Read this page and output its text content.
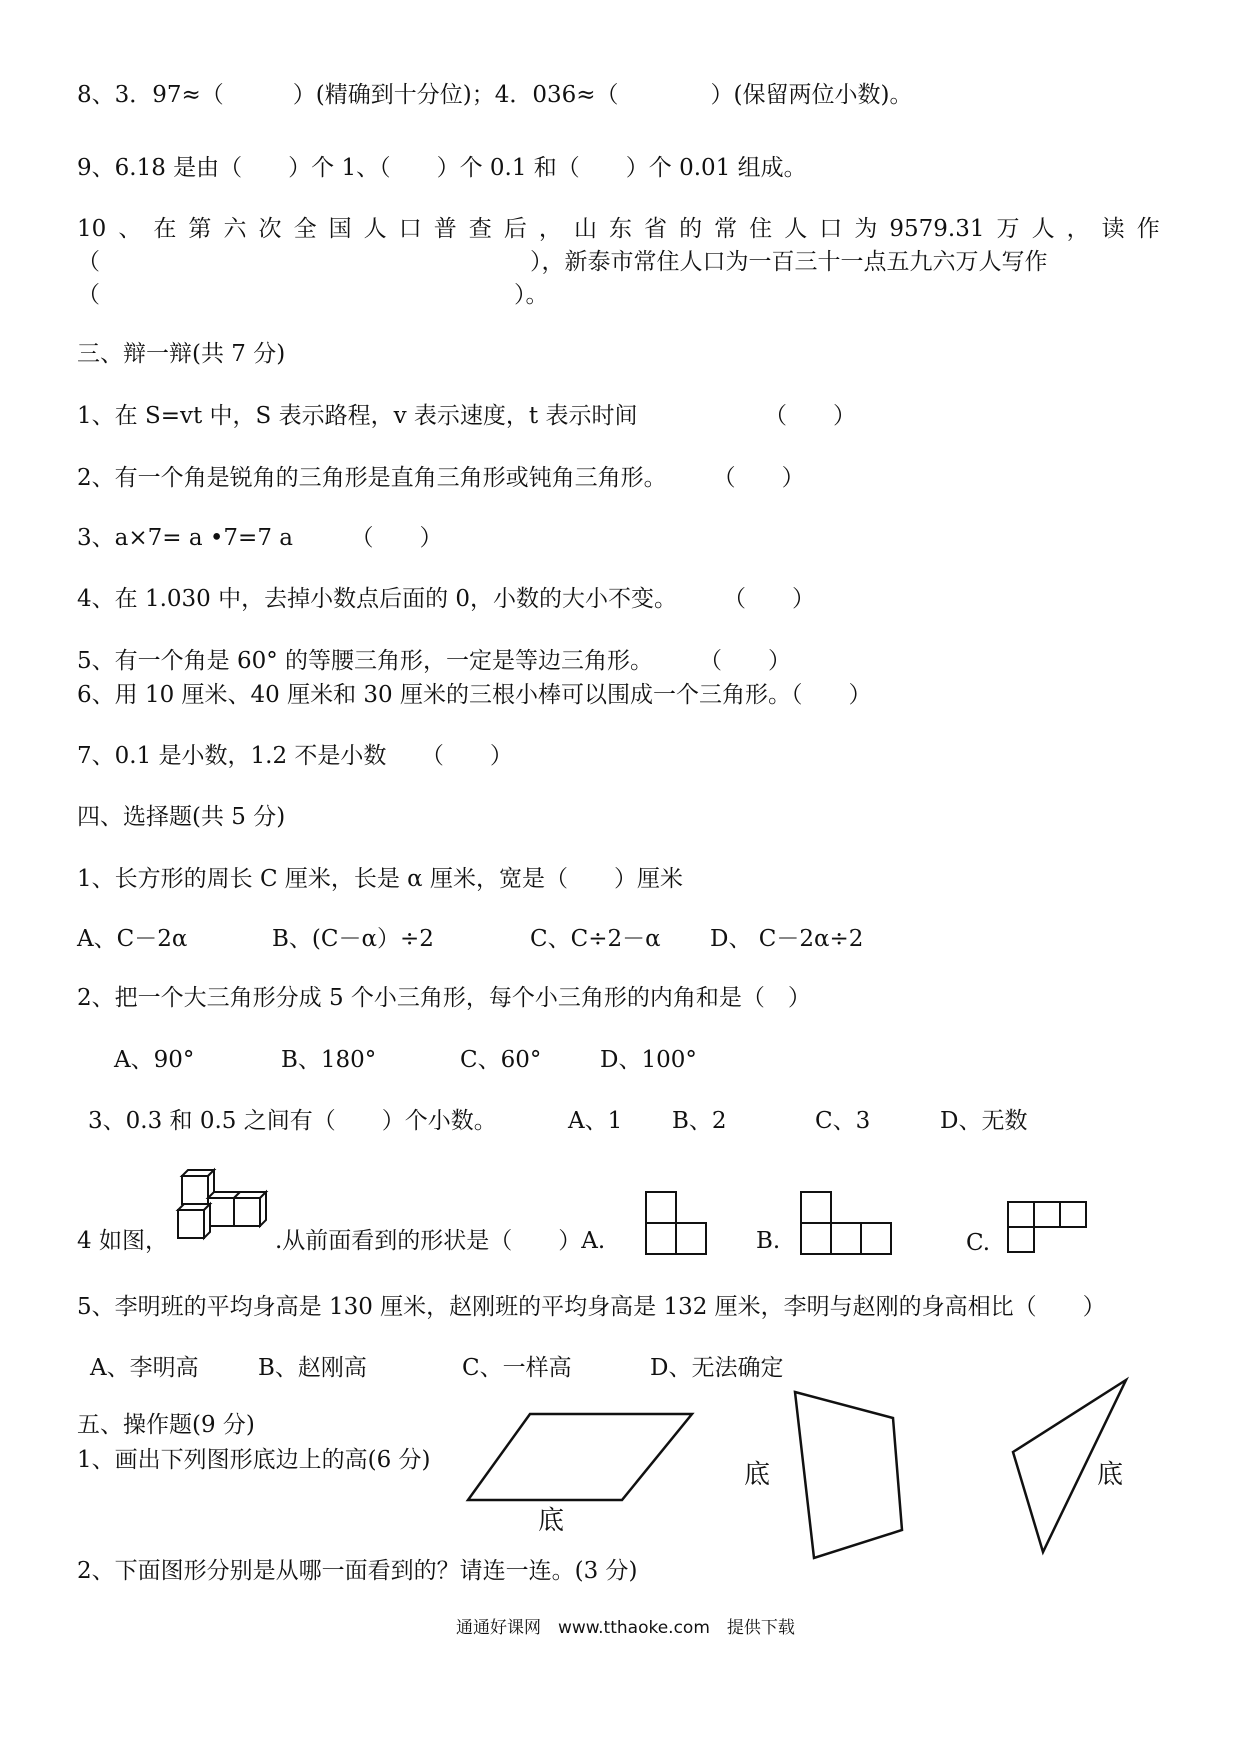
8、3．97≈（　　　）(精确到十分位)；4．036≈（　　　　）(保留两位小数)。
9、6.18 是由（　　）个 1、（　　）个 0.1 和（　　）个 0.01 组成。
10 、 在 第 六 次 全 国 人 口 普 查 后 ， 山 东 省 的 常 住 人 口 为 9579.31 万 人 ， 读 作
（	），新泰市常住人口为一百三十一点五九六万人写作
（　　　　　　　　　　　　　　　　　　）。
三、辩一辩(共 7 分)
1、在 S=vt 中，S 表示路程，v 表示速度，t 表示时间　　　　　　（　　）
2、有一个角是锐角的三角形是直角三角形或钝角三角形。　　　（　　）
3、a×7= a •7=7 a　　　（　　）
4、在 1.030 中，去掉小数点后面的 0，小数的大小不变。　　　（　　）
5、有一个角是 60° 的等腰三角形，一定是等边三角形。　　　（　　）
6、用 10 厘米、40 厘米和 30 厘米的三根小棒可以围成一个三角形。（　　）
7、0.1 是小数，1.2 不是小数　　（　　）
四、选择题(共 5 分)
1、长方形的周长 C 厘米，长是 α 厘米，宽是（　　）厘米
A、C－2α	B、(C－α）÷2	C、C÷2－α D、 C－2α÷2
2、把一个大三角形分成 5 个小三角形，每个小三角形的内角和是（　）
A、90°	B、180°	C、60°	D、100°
3、0.3 和 0.5 之间有（　　）个小数。	A、1 B、2	C、3	D、无数
4 如图，	.从前面看到的形状是（　　）A.	B.	C.
5、李明班的平均身高是 130 厘米，赵刚班的平均身高是 132 厘米，李明与赵刚的身高相比（　　）
A、李明高	B、赵刚高	C、一样高	D、无法确定
五、操作题(9 分)
1、画出下列图形底边上的高(6 分)
底
底	底
2、下面图形分别是从哪一面看到的？请连一连。(3 分)
通通好课网　www.tthaoke.com　提供下载
